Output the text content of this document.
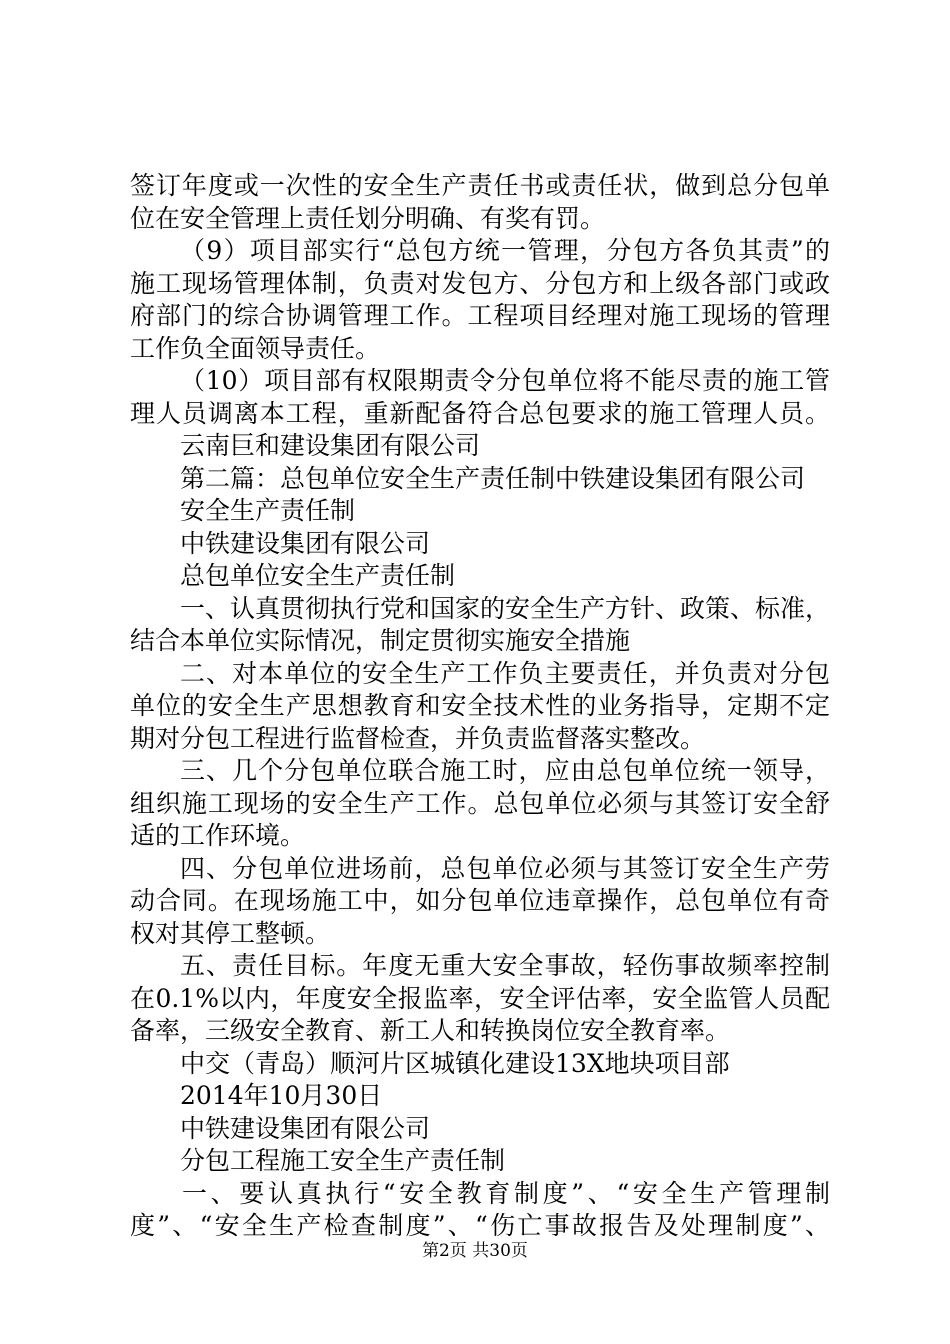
签订年度或一次性的安全生产责任书或责任状，做到总分包单
位在安全管理上责任划分明确、有奖有罚。
（9）项目部实行“总包方统一管理，分包方各负其责”的
施工现场管理体制，负责对发包方、分包方和上级各部门或政
府部门的综合协调管理工作。工程项目经理对施工现场的管理
工作负全面领导责任。
（10）项目部有权限期责令分包单位将不能尽责的施工管
理人员调离本工程，重新配备符合总包要求的施工管理人员。
云南巨和建设集团有限公司
第二篇：总包单位安全生产责任制中铁建设集团有限公司
安全生产责任制
中铁建设集团有限公司
总包单位安全生产责任制
一、认真贯彻执行党和国家的安全生产方针、政策、标准，
结合本单位实际情况，制定贯彻实施安全措施
二、对本单位的安全生产工作负主要责任，并负责对分包
单位的安全生产思想教育和安全技术性的业务指导，定期不定
期对分包工程进行监督检查，并负责监督落实整改。
三、几个分包单位联合施工时，应由总包单位统一领导，
组织施工现场的安全生产工作。总包单位必须与其签订安全舒
适的工作环境。
四、分包单位进场前，总包单位必须与其签订安全生产劳
动合同。在现场施工中，如分包单位违章操作，总包单位有奇
权对其停工整顿。
五、责任目标。年度无重大安全事故，轻伤事故频率控制
在0.1%以内，年度安全报监率，安全评估率，安全监管人员配
备率，三级安全教育、新工人和转换岗位安全教育率。
中交（青岛）顺河片区城镇化建设13X地块项目部
2014年10月30日
中铁建设集团有限公司
分包工程施工安全生产责任制
一、要认真执行“安全教育制度”、“安全生产管理制
度”、“安全生产检查制度”、“伤亡事故报告及处理制度”、
第2页 共30页
